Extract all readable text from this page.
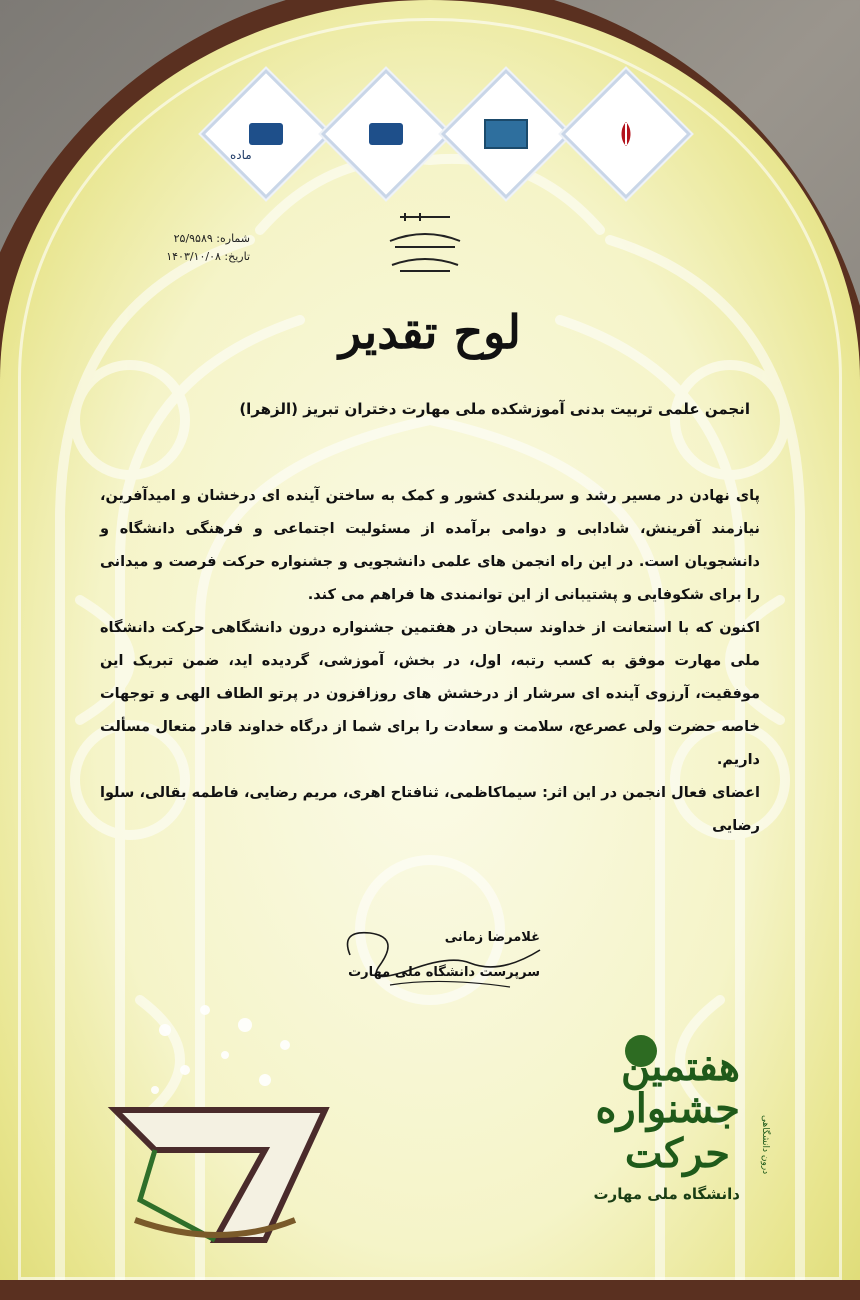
ماده
شماره: ۲۵/۹۵۸۹
تاریخ: ۱۴۰۳/۱۰/۰۸
لوح تقدیر
انجمن علمی تربیت بدنی آموزشکده ملی مهارت دختران تبریز (الزهرا)

پای نهادن در مسیر رشد و سربلندی کشور و کمک به ساختن آینده ای درخشان و امیدآفرین، نیازمند آفرینش، شادابی و دوامی برآمده از مسئولیت اجتماعی و فرهنگی دانشگاه و دانشجویان است. در این راه انجمن های علمی دانشجویی و جشنواره حرکت فرصت و میدانی را برای شکوفایی و پشتیبانی از این توانمندی ها فراهم می کند.

اکنون که با استعانت از خداوند سبحان در هفتمین جشنواره درون دانشگاهی حرکت دانشگاه ملی مهارت موفق به کسب رتبه، اول، در بخش، آموزشی، گردیده اید، ضمن تبریک این موفقیت، آرزوی آینده ای سرشار از درخشش های روزافزون در پرتو الطاف الهی و توجهات خاصه حضرت ولی عصرعج، سلامت و سعادت را برای شما از درگاه خداوند قادر متعال مسألت داریم.

اعضای فعال انجمن در این اثر: سیماکاظمی، ثنافتاح اهری، مریم رضایی، فاطمه بقالی، سلوا رضایی

غلامرضا زمانی
سرپرست دانشگاه ملی مهارت
هفتمین
جشنواره
درون دانشگاهی
حرکت
دانشگاه ملی مهارت
